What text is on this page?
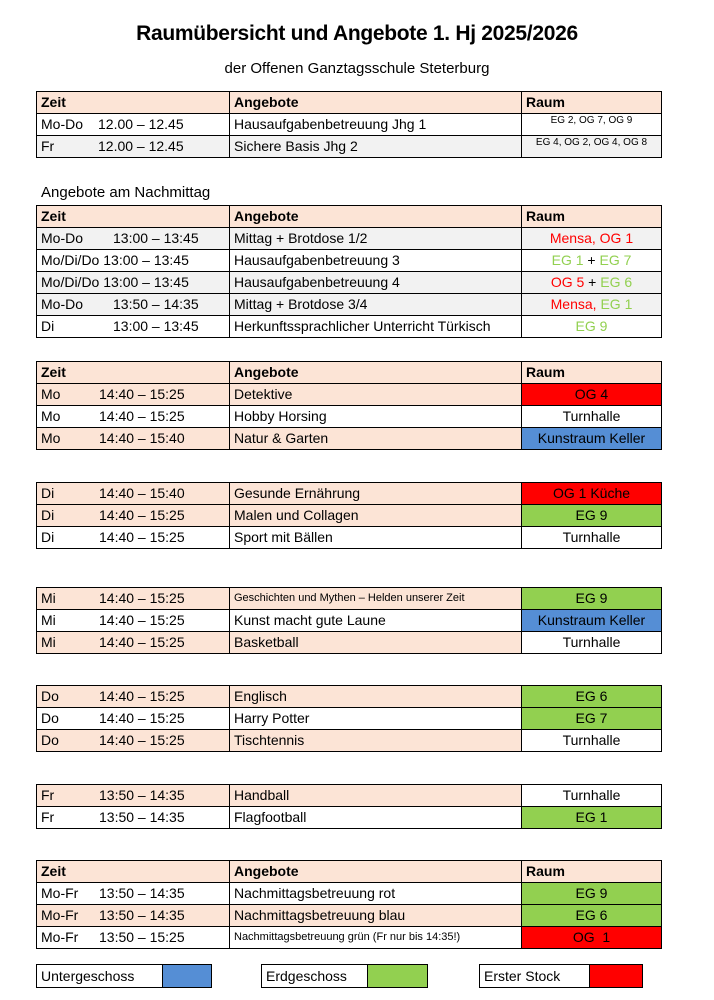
Raumübersicht und Angebote 1. Hj 2025/2026
der Offenen Ganztagsschule Steterburg
Zeit	Angebote	Raum
Mo-Do 12.00 – 12.45	Hausaufgabenbetreuung Jhg 1	EG 2, OG 7, OG 9
Fr 12.00 – 12.45	Sichere Basis Jhg 2	EG 4, OG 2, OG 4, OG 8
Angebote am Nachmittag
Zeit	Angebote	Raum
Mo-Do 13:00 – 13:45	Mittag + Brotdose 1/2	Mensa, OG 1
Mo/Di/Do 13:00 – 13:45	Hausaufgabenbetreuung 3	EG 1 + EG 7
Mo/Di/Do 13:00 – 13:45	Hausaufgabenbetreuung 4	OG 5 + EG 6
Mo-Do 13:50 – 14:35	Mittag + Brotdose 3/4	Mensa, EG 1
Di 13:00 – 13:45	Herkunftssprachlicher Unterricht Türkisch	EG 9
Zeit	Angebote	Raum
Mo 14:40 – 15:25	Detektive	OG 4
Mo 14:40 – 15:25	Hobby Horsing	Turnhalle
Mo 14:40 – 15:40	Natur & Garten	Kunstraum Keller
Di 14:40 – 15:40	Gesunde Ernährung	OG 1 Küche
Di 14:40 – 15:25	Malen und Collagen	EG 9
Di 14:40 – 15:25	Sport mit Bällen	Turnhalle
Mi 14:40 – 15:25	Geschichten und Mythen – Helden unserer Zeit	EG 9
Mi 14:40 – 15:25	Kunst macht gute Laune	Kunstraum Keller
Mi 14:40 – 15:25	Basketball	Turnhalle
Do 14:40 – 15:25	Englisch	EG 6
Do 14:40 – 15:25	Harry Potter	EG 7
Do 14:40 – 15:25	Tischtennis	Turnhalle
Fr 13:50 – 14:35	Handball	Turnhalle
Fr 13:50 – 14:35	Flagfootball	EG 1
Zeit	Angebote	Raum
Mo-Fr 13:50 – 14:35	Nachmittagsbetreuung rot	EG 9
Mo-Fr 13:50 – 14:35	Nachmittagsbetreuung blau	EG 6
Mo-Fr 13:50 – 15:25	Nachmittagsbetreuung grün (Fr nur bis 14:35!)	OG  1
Untergeschoss	Erdgeschoss	Erster Stock
